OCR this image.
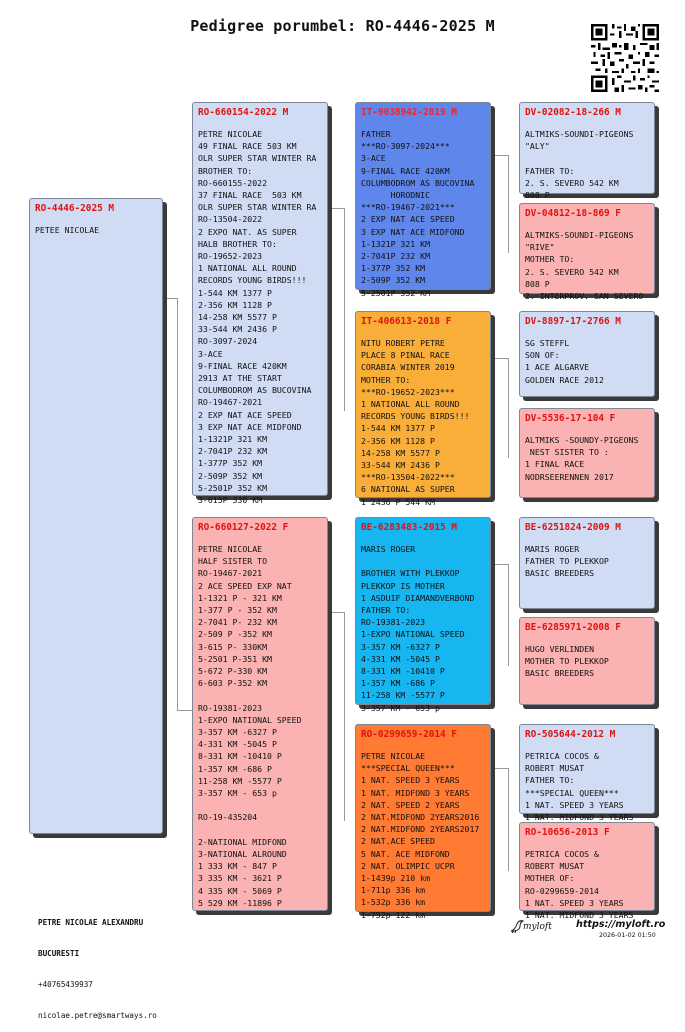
Pedigree porumbel: RO-4446-2025 M
RO-4446-2025 M
PETEE NICOLAE
RO-660154-2022 M
PETRE NICOLAE
49 FINAL RACE 503 KM
OLR SUPER STAR WINTER RA
BROTHER TO:
RO-660155-2022
37 FINAL RACE  503 KM
OLR SUPER STAR WINTER RA
RO-13504-2022
2 EXPO NAT. AS SUPER
HALB BROTHER TO:
RO-19652-2023
1 NATIONAL ALL ROUND
RECORDS YOUNG BIRDS!!!
1-544 KM 1377 P
2-356 KM 1128 P
14-258 KM 5577 P
33-544 KM 2436 P
RO-3097-2024
3-ACE
9-FINAL RACE 420KM
2913 AT THE START
COLUMBODROM AS BUCOVINA
RO-19467-2021
2 EXP NAT ACE SPEED
3 EXP NAT ACE MIDFOND
1-1321P 321 KM
2-7041P 232 KM
1-377P 352 KM
2-509P 352 KM
5-2501P 352 KM
3-615P 330 KM
RO-660127-2022 F
PETRE NICOLAE
HALF SISTER TO
RO-19467-2021
2 ACE SPEED EXP NAT
1-1321 P - 321 KM
1-377 P - 352 KM
2-7041 P- 232 KM
2-509 P -352 KM
3-615 P- 330KM
5-2501 P-351 KM
5-672 P-330 KM
6-603 P-352 KM

RO-19381-2023
1-EXPO NATIONAL SPEED
3-357 KM -6327 P
4-331 KM -5045 P
8-331 KM -10410 P
1-357 KM -686 P
11-258 KM -5577 P
3-357 KM - 653 p

RO-19-435204

2-NATIONAL MIDFOND
3-NATIONAL ALROUND
1 333 KM - 847 P
3 335 KM - 3621 P
4 335 KM - 5069 P
5 529 KM -11896 P
IT-9038942-2019 M
FATHER
***RO-3097-2024***
3-ACE
9-FINAL RACE 420KM
COLUMBODROM AS BUCOVINA
HORODNIC
***RO-19467-2021***
2 EXP NAT ACE SPEED
3 EXP NAT ACE MIDFOND
1-1321P 321 KM
2-7041P 232 KM
1-377P 352 KM
2-509P 352 KM
5-2501P 352 KM
IT-406613-2018 F
NITU ROBERT PETRE
PLACE 8 PINAL RACE
CORABIA WINTER 2019
MOTHER TO:
***RO-19652-2023***
1 NATIONAL ALL ROUND
RECORDS YOUNG BIRDS!!!
1-544 KM 1377 P
2-356 KM 1128 P
14-258 KM 5577 P
33-544 KM 2436 P
***RO-13504-2022***
6 NATIONAL AS SUPER
1 2436 P 544 KM
BE-6283483-2015 M
MARIS ROGER

BROTHER WITH PLEKKOP
PLEKKOP IS MOTHER
1 ASDUIF DIAMANDVERBOND
FATHER TO:
RO-19381-2023
1-EXPO NATIONAL SPEED
3-357 KM -6327 P
4-331 KM -5045 P
8-331 KM -10410 P
1-357 KM -686 P
11-258 KM -5577 P
3-357 KM - 653 p
RO-0299659-2014 F
PETRE NICOLAE
***SPECIAL QUEEN***
1 NAT. SPEED 3 YEARS
1 NAT. MIDFOND 3 YEARS
2 NAT. SPEED 2 YEARS
2 NAT.MIDFOND 2YEARS2016
2 NAT.MIDFOND 2YEARS2017
2 NAT.ACE SPEED
5 NAT. ACE MIDFOND
2 NAT. OLIMPIC UCPR
1-1439p 210 km
1-711p 336 km
1-532p 336 km
1-752p 122 km
DV-02082-18-266 M
ALTMIKS-SOUNDI-PIGEONS
"ALY"

FATHER TO:
2. S. SEVERO 542 KM
808 P
DV-04812-18-869 F
ALTMIKS-SOUNDI-PIGEONS
"RIVE"
MOTHER TO:
2. S. SEVERO 542 KM
808 P
2. INTERPROV. SAN SEVERO
DV-8897-17-2766 M
SG STEFFL
SON OF:
1 ACE ALGARVE
GOLDEN RACE 2012
DV-5536-17-104 F
ALTMIKS -SOUNDY-PIGEONS
NEST SISTER TO :
1 FINAL RACE
NODRSEERENNEN 2017
BE-6251824-2009 M
MARIS ROGER
FATHER TO PLEKKOP
BASIC BREEDERS
BE-6285971-2008 F
HUGO VERLINDEN
MOTHER TO PLEKKOP
BASIC BREEDERS
RO-505644-2012 M
PETRICA COCOS &
ROBERT MUSAT
FATHER TO:
***SPECIAL QUEEN***
1 NAT. SPEED 3 YEARS
1 NAT. MIDFOND 3 YEARS
RO-10656-2013 F
PETRICA COCOS &
ROBERT MUSAT
MOTHER OF:
RO-0299659-2014
1 NAT. SPEED 3 YEARS
1 NAT. MIDFOND 3 YEARS

PETRE NICOLAE ALEXANDRU

BUCURESTI

+40765439937

nicolae.petre@smartways.ro

myloft	https://myloft.ro
2026-01-02 01:50
